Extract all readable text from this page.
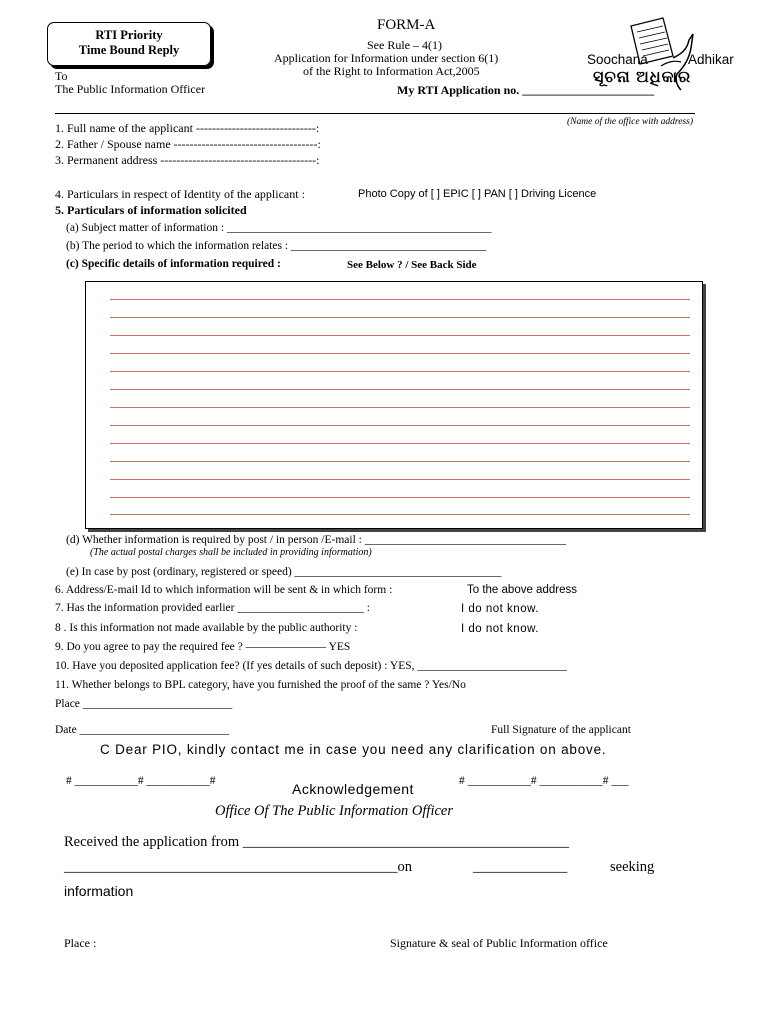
RTI Priority
Time Bound Reply
FORM-A
See Rule – 4(1)
Application for Information under section 6(1)
of the Right to Information Act,2005
To
The Public Information Officer	My RTI Application no. ______________________
Soochana	Adhikar
ସୂଚନା ଅଧିକାର
(Name of the office with address)
1. Full name of the applicant ------------------------------:
2. Father / Spouse name ------------------------------------:
3. Permanent address ---------------------------------------:
4. Particulars in respect of Identity of the applicant :	Photo Copy of [ ] EPIC [ ] PAN [ ] Driving Licence
5. Particulars of information solicited
(a) Subject matter of information : ______________________________________________
(b) The period to which the information relates : __________________________________
(c) Specific details of information required :	See Below ? / See Back Side
(d) Whether information is required by post / in person /E-mail : ___________________________________
(The actual postal charges shall be included in providing information)
(e) In case by post (ordinary, registered or speed) ____________________________________
6. Address/E-mail Id to which information will be sent & in which form :	To the above address
7. Has the information provided earlier ______________________ :	I do not know.
8 . Is this information not made available by the public authority :	I do not know.
9. Do you agree to pay the required fee ? ——————— YES
10. Have you deposited application fee? (If yes details of such deposit) : YES, __________________________
11. Whether belongs to BPL category, have you furnished the proof of the same ? Yes/No
Place __________________________
Date __________________________	Full Signature of the applicant
C Dear PIO, kindly contact me in case you need any clarification on above.
# ___________# ___________#	Acknowledgement	# ___________# ___________# ___
Office Of The Public Information Officer
Received the application from _____________________________________________
______________________________________________on	_____________	seeking
information
Place :	Signature & seal of Public Information office
